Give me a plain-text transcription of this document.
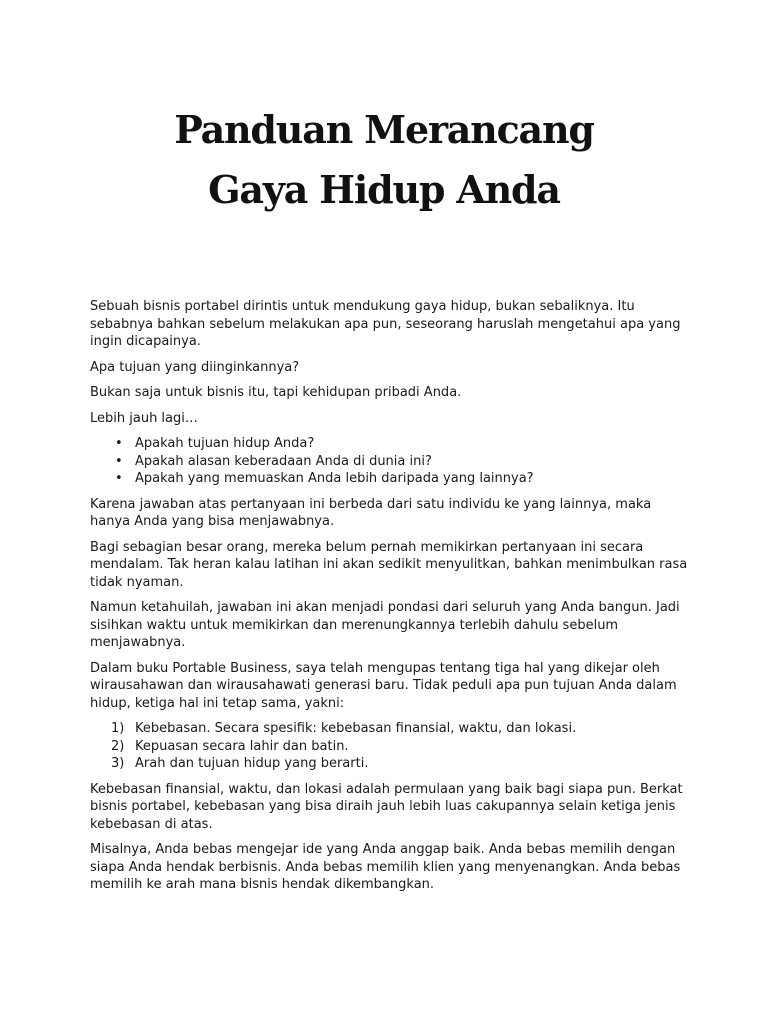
Panduan Merancang
Gaya Hidup Anda

Sebuah bisnis portabel dirintis untuk mendukung gaya hidup, bukan sebaliknya. Itu sebabnya bahkan sebelum melakukan apa pun, seseorang haruslah mengetahui apa yang ingin dicapainya.

Apa tujuan yang diinginkannya?

Bukan saja untuk bisnis itu, tapi kehidupan pribadi Anda.

Lebih jauh lagi…

• Apakah tujuan hidup Anda?
• Apakah alasan keberadaan Anda di dunia ini?
• Apakah yang memuaskan Anda lebih daripada yang lainnya?

Karena jawaban atas pertanyaan ini berbeda dari satu individu ke yang lainnya, maka hanya Anda yang bisa menjawabnya.

Bagi sebagian besar orang, mereka belum pernah memikirkan pertanyaan ini secara mendalam. Tak heran kalau latihan ini akan sedikit menyulitkan, bahkan menimbulkan rasa tidak nyaman.

Namun ketahuilah, jawaban ini akan menjadi pondasi dari seluruh yang Anda bangun. Jadi sisihkan waktu untuk memikirkan dan merenungkannya terlebih dahulu sebelum menjawabnya.

Dalam buku Portable Business, saya telah mengupas tentang tiga hal yang dikejar oleh wirausahawan dan wirausahawati generasi baru. Tidak peduli apa pun tujuan Anda dalam hidup, ketiga hal ini tetap sama, yakni:

1) Kebebasan. Secara spesifik: kebebasan finansial, waktu, dan lokasi.
2) Kepuasan secara lahir dan batin.
3) Arah dan tujuan hidup yang berarti.

Kebebasan finansial, waktu, dan lokasi adalah permulaan yang baik bagi siapa pun. Berkat bisnis portabel, kebebasan yang bisa diraih jauh lebih luas cakupannya selain ketiga jenis kebebasan di atas.

Misalnya, Anda bebas mengejar ide yang Anda anggap baik. Anda bebas memilih dengan siapa Anda hendak berbisnis. Anda bebas memilih klien yang menyenangkan. Anda bebas memilih ke arah mana bisnis hendak dikembangkan.
